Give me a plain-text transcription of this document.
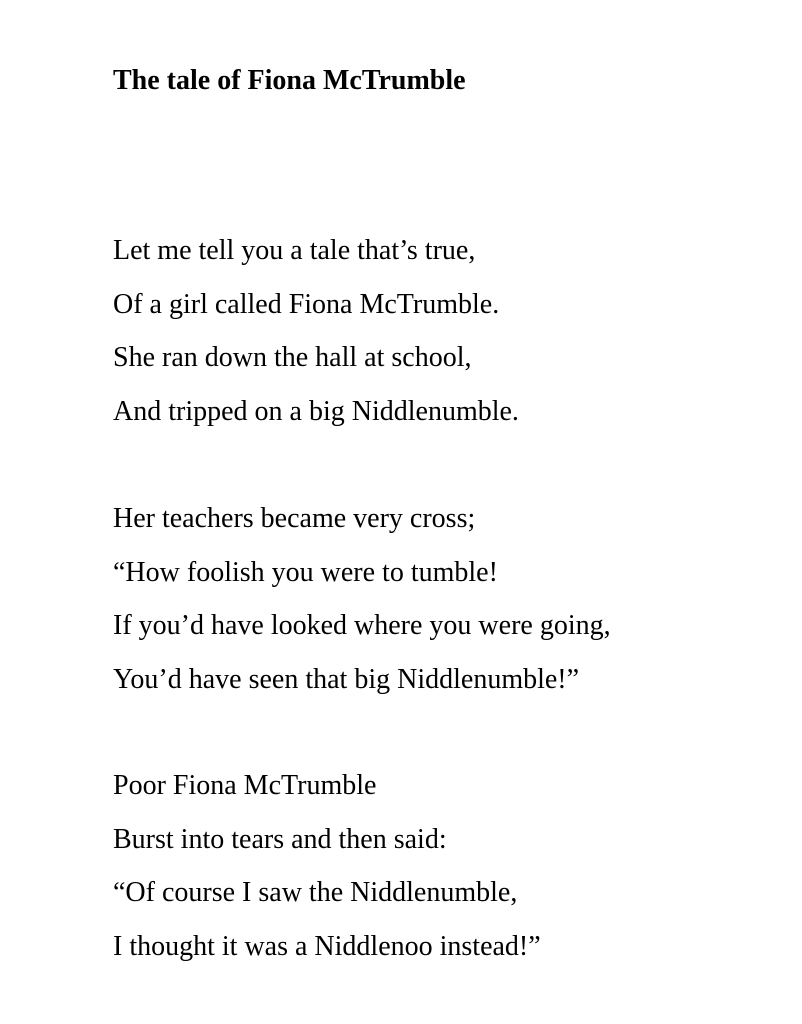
The tale of Fiona McTrumble
Let me tell you a tale that’s true,
Of a girl called Fiona McTrumble.
She ran down the hall at school,
And tripped on a big Niddlenumble.
Her teachers became very cross;
“How foolish you were to tumble!
If you’d have looked where you were going,
You’d have seen that big Niddlenumble!”
Poor Fiona McTrumble
Burst into tears and then said:
“Of course I saw the Niddlenumble,
I thought it was a Niddlenoo instead!”
